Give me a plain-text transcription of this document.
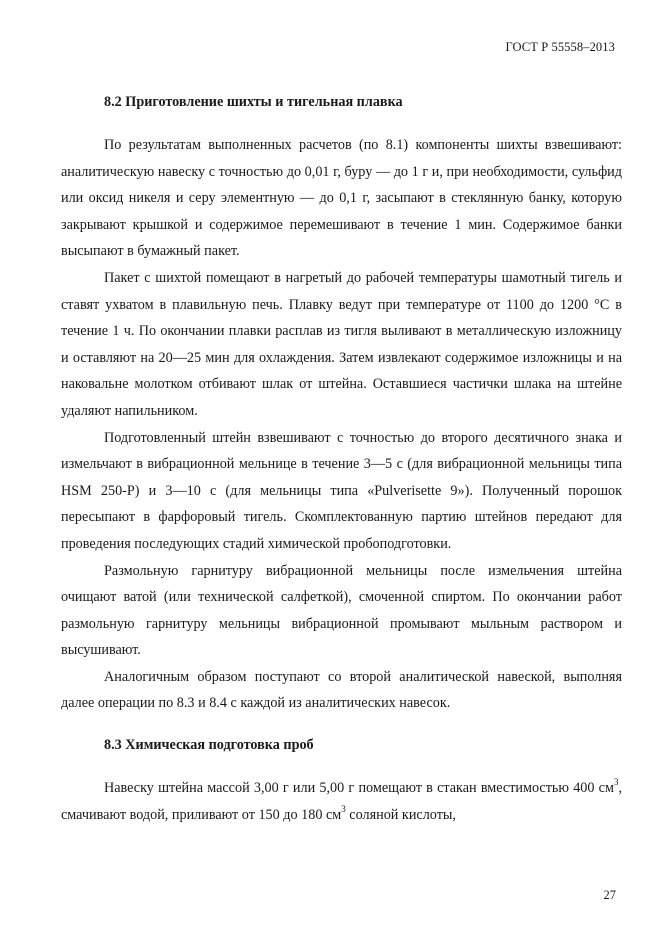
ГОСТ Р 55558–2013
8.2 Приготовление шихты и тигельная плавка

По результатам выполненных расчетов (по 8.1) компоненты шихты взвешивают: аналитическую навеску с точностью до 0,01 г, буру — до 1 г и, при необходимости, сульфид или оксид никеля и серу элементную — до 0,1 г, засыпают в стеклянную банку, которую закрывают крышкой и содержимое перемешивают в течение 1 мин. Содержимое банки высыпают в бумажный пакет.

Пакет с шихтой помещают в нагретый до рабочей температуры шамотный тигель и ставят ухватом в плавильную печь. Плавку ведут при температуре от 1100 до 1200 °С в течение 1 ч. По окончании плавки расплав из тигля выливают в металлическую изложницу и оставляют на 20—25 мин для охлаждения. Затем извлекают содержимое изложницы и на наковальне молотком отбивают шлак от штейна. Оставшиеся частички шлака на штейне удаляют напильником.

Подготовленный штейн взвешивают с точностью до второго десятичного знака и измельчают в вибрационной мельнице в течение 3—5 с (для вибрационной мельницы типа HSM 250-P) и 3—10 с (для мельницы типа «Pulverisette 9»). Полученный порошок пересыпают в фарфоровый тигель. Скомплектованную партию штейнов передают для проведения последующих стадий химической пробоподготовки.

Размольную гарнитуру вибрационной мельницы после измельчения штейна очищают ватой (или технической салфеткой), смоченной спиртом. По окончании работ размольную гарнитуру мельницы вибрационной промывают мыльным раствором и высушивают.

Аналогичным образом поступают со второй аналитической навеской, выполняя далее операции по 8.3 и 8.4 с каждой из аналитических навесок.

8.3 Химическая подготовка проб

Навеску штейна массой 3,00 г или 5,00 г помещают в стакан вместимостью 400 $см^3$, смачивают водой, приливают от 150 до 180 $см^3$ соляной кислоты,

27
